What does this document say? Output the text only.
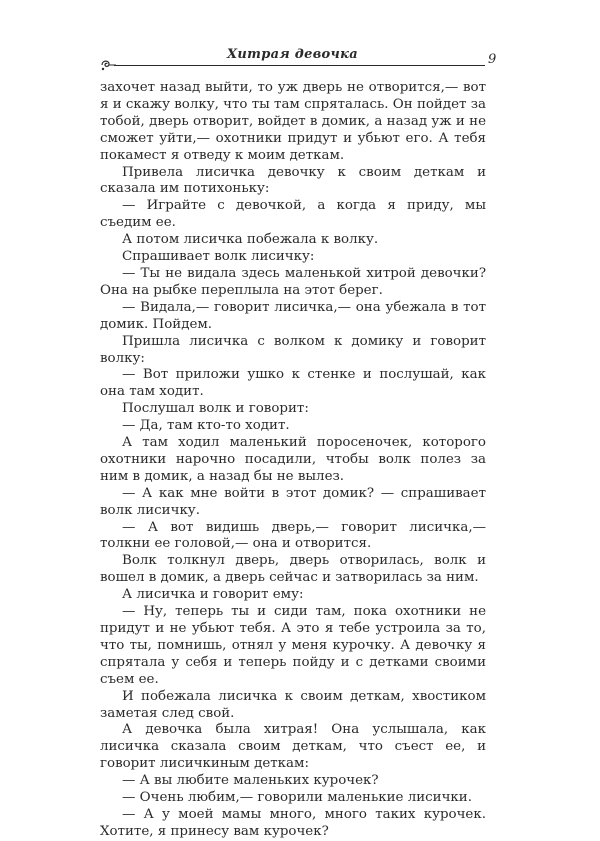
Хитрая девочка	9

захочет назад выйти, то уж дверь не отворится,— вот я и скажу волку, что ты там спряталась. Он пойдет за тобой, дверь отворит, войдет в домик, а назад уж и не сможет уйти,— охотники придут и убьют его. А тебя покамест я отведу к моим деткам.

Привела лисичка девочку к своим деткам и сказала им потихоньку:

— Играйте с девочкой, а когда я приду, мы съедим ее.

А потом лисичка побежала к волку.

Спрашивает волк лисичку:

— Ты не видала здесь маленькой хитрой девочки? Она на рыбке переплыла на этот берег.

— Видала,— говорит лисичка,— она убежала в тот домик. Пойдем.

Пришла лисичка с волком к домику и говорит волку:

— Вот приложи ушко к стенке и послушай, как она там ходит.

Послушал волк и говорит:

— Да, там кто-то ходит.

А там ходил маленький поросеночек, которого охотники нарочно посадили, чтобы волк полез за ним в домик, а назад бы не вылез.

— А как мне войти в этот домик? — спрашивает волк лисичку.

— А вот видишь дверь,— говорит лисичка,— толкни ее головой,— она и отворится.

Волк толкнул дверь, дверь отворилась, волк и вошел в домик, а дверь сейчас и затворилась за ним.

А лисичка и говорит ему:

— Ну, теперь ты и сиди там, пока охотники не придут и не убьют тебя. А это я тебе устроила за то, что ты, помнишь, отнял у меня курочку. А девочку я спрятала у себя и теперь пойду и с детками своими съем ее.

И побежала лисичка к своим деткам, хвостиком заметая след свой.

А девочка была хитрая! Она услышала, как лисичка сказала своим деткам, что съест ее, и говорит лисичкиным деткам:

— А вы любите маленьких курочек?

— Очень любим,— говорили маленькие лисички.

— А у моей мамы много, много таких курочек. Хотите, я принесу вам курочек?
